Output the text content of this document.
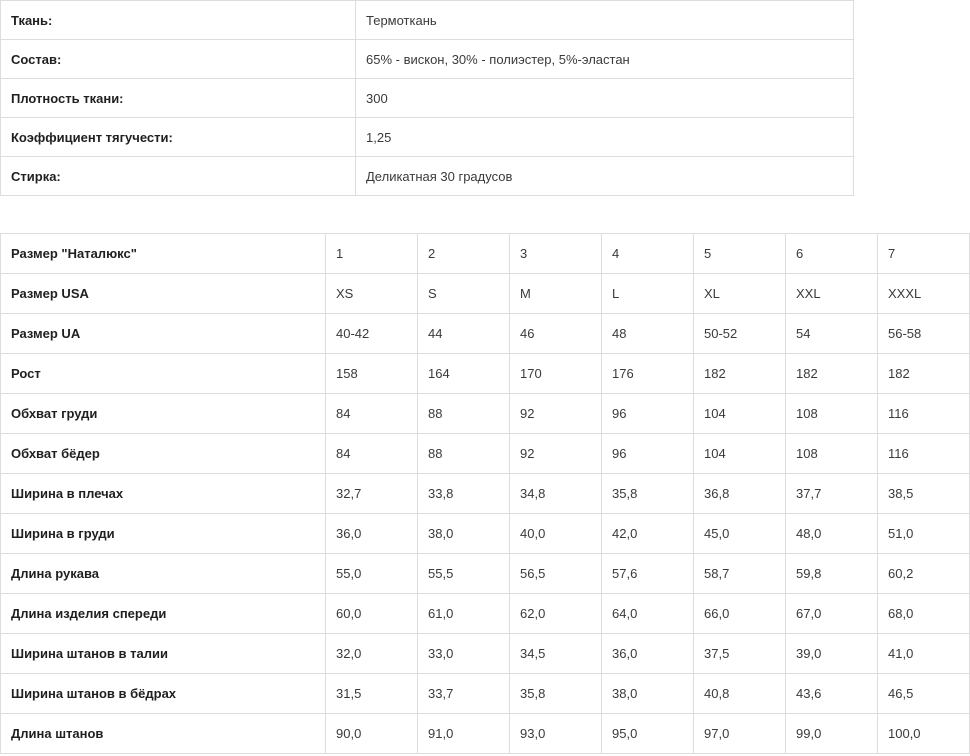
Ткань:	Термоткань
Состав:	65% - вискон, 30% - полиэстер, 5%-эластан
Плотность ткани:	300
Коэффициент тягучести:	1,25
Стирка:	Деликатная 30 градусов
Размер "Наталюкс"	1	2	3	4	5	6	7
Размер USA	XS	S	M	L	XL	XXL	XXXL
Размер UA	40-42	44	46	48	50-52	54	56-58
Рост	158	164	170	176	182	182	182
Обхват груди	84	88	92	96	104	108	116
Обхват бёдер	84	88	92	96	104	108	116
Ширина в плечах	32,7	33,8	34,8	35,8	36,8	37,7	38,5
Ширина в груди	36,0	38,0	40,0	42,0	45,0	48,0	51,0
Длина рукава	55,0	55,5	56,5	57,6	58,7	59,8	60,2
Длина изделия спереди	60,0	61,0	62,0	64,0	66,0	67,0	68,0
Ширина штанов в талии	32,0	33,0	34,5	36,0	37,5	39,0	41,0
Ширина штанов в бёдрах	31,5	33,7	35,8	38,0	40,8	43,6	46,5
Длина штанов	90,0	91,0	93,0	95,0	97,0	99,0	100,0
